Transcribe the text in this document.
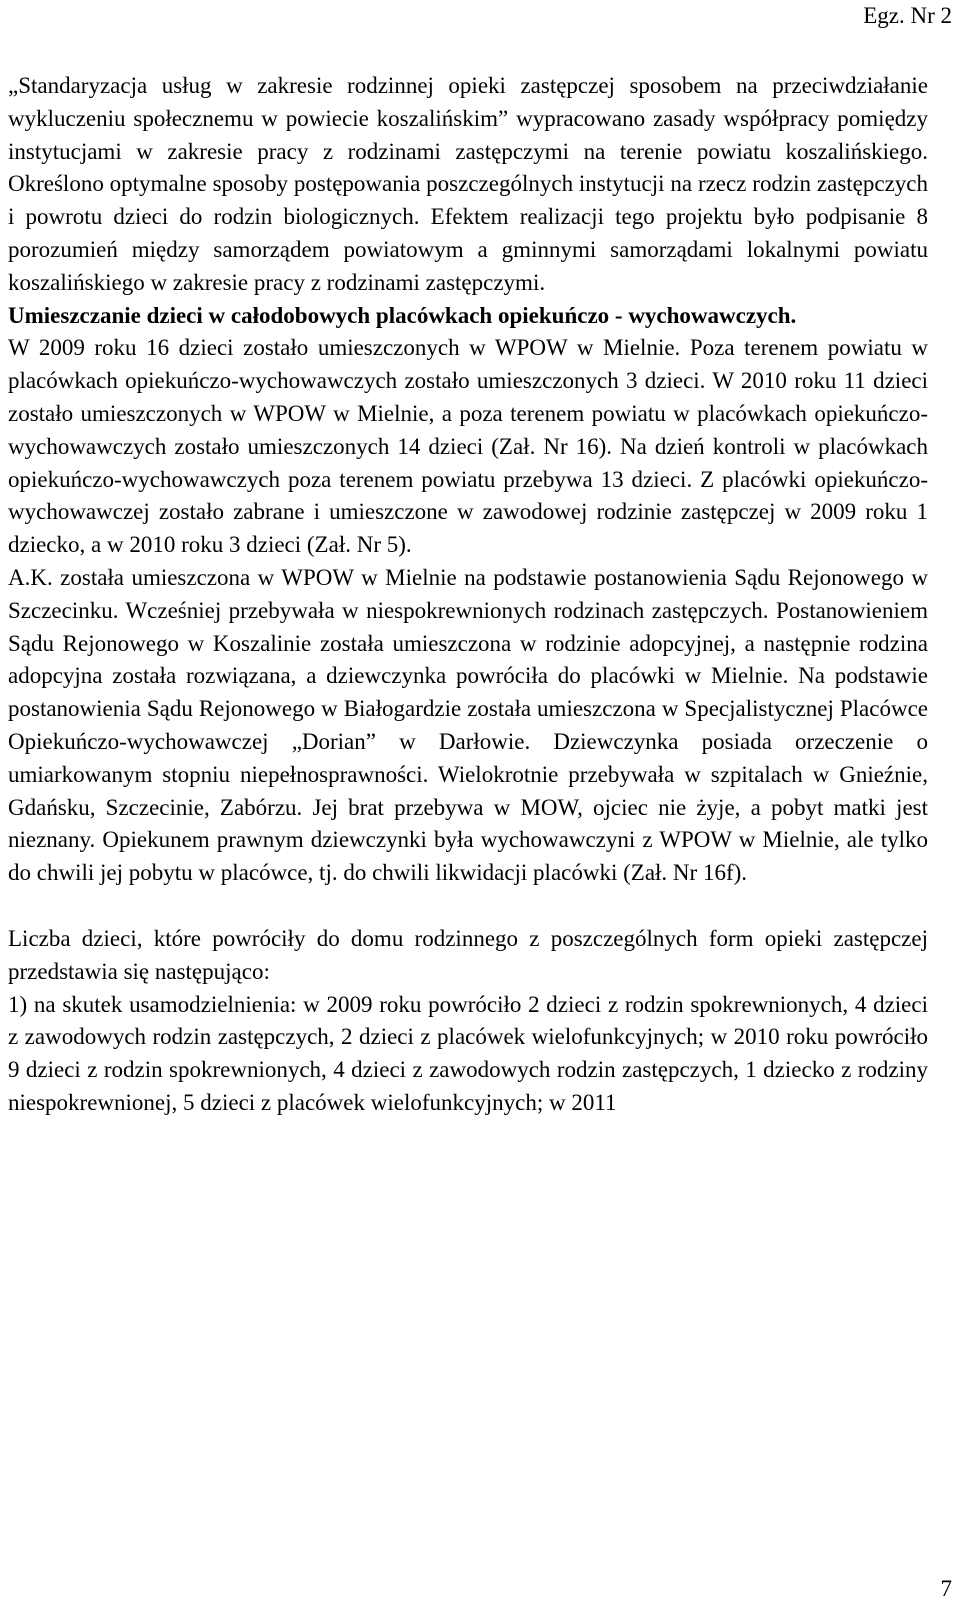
Egz. Nr 2

„Standaryzacja usług w zakresie rodzinnej opieki zastępczej sposobem na przeciwdziałanie wykluczeniu społecznemu w powiecie koszalińskim” wypracowano zasady współpracy pomiędzy instytucjami w zakresie pracy z rodzinami zastępczymi na terenie powiatu koszalińskiego. Określono optymalne sposoby postępowania poszczególnych instytucji na rzecz rodzin zastępczych i powrotu dzieci do rodzin biologicznych. Efektem realizacji tego projektu było podpisanie 8 porozumień między samorządem powiatowym a gminnymi samorządami lokalnymi powiatu koszalińskiego w zakresie pracy z rodzinami zastępczymi.

Umieszczanie dzieci w całodobowych placówkach opiekuńczo - wychowawczych.

W 2009 roku 16 dzieci zostało umieszczonych w WPOW w Mielnie. Poza terenem powiatu w placówkach opiekuńczo-wychowawczych zostało umieszczonych 3 dzieci. W 2010 roku 11 dzieci zostało umieszczonych w WPOW w Mielnie, a poza terenem powiatu w placówkach opiekuńczo-wychowawczych zostało umieszczonych 14 dzieci (Zał. Nr 16). Na dzień kontroli w placówkach opiekuńczo-wychowawczych poza terenem powiatu przebywa 13 dzieci. Z placówki opiekuńczo-wychowawczej zostało zabrane i umieszczone w zawodowej rodzinie zastępczej w 2009 roku 1 dziecko, a w 2010 roku 3 dzieci (Zał. Nr 5).

A.K. została umieszczona w WPOW w Mielnie na podstawie postanowienia Sądu Rejonowego w Szczecinku. Wcześniej przebywała w niespokrewnionych rodzinach zastępczych. Postanowieniem Sądu Rejonowego w Koszalinie została umieszczona w rodzinie adopcyjnej, a następnie rodzina adopcyjna została rozwiązana, a dziewczynka powróciła do placówki w Mielnie. Na podstawie postanowienia Sądu Rejonowego w Białogardzie została umieszczona w Specjalistycznej Placówce Opiekuńczo-wychowawczej „Dorian” w Darłowie. Dziewczynka posiada orzeczenie o umiarkowanym stopniu niepełnosprawności. Wielokrotnie przebywała w szpitalach w Gnieźnie, Gdańsku, Szczecinie, Zabórzu. Jej brat przebywa w MOW, ojciec nie żyje, a pobyt matki jest nieznany. Opiekunem prawnym dziewczynki była wychowawczyni z WPOW w Mielnie, ale tylko do chwili jej pobytu w placówce, tj. do chwili likwidacji placówki (Zał. Nr 16f).

Liczba dzieci, które powróciły do domu rodzinnego z poszczególnych form opieki zastępczej przedstawia się następująco:

1) na skutek usamodzielnienia: w 2009 roku powróciło 2 dzieci z rodzin spokrewnionych, 4 dzieci z zawodowych rodzin zastępczych, 2 dzieci z placówek wielofunkcyjnych; w 2010 roku powróciło 9 dzieci z rodzin spokrewnionych, 4 dzieci z zawodowych rodzin zastępczych, 1 dziecko z rodziny niespokrewnionej, 5 dzieci z placówek wielofunkcyjnych; w 2011

7
